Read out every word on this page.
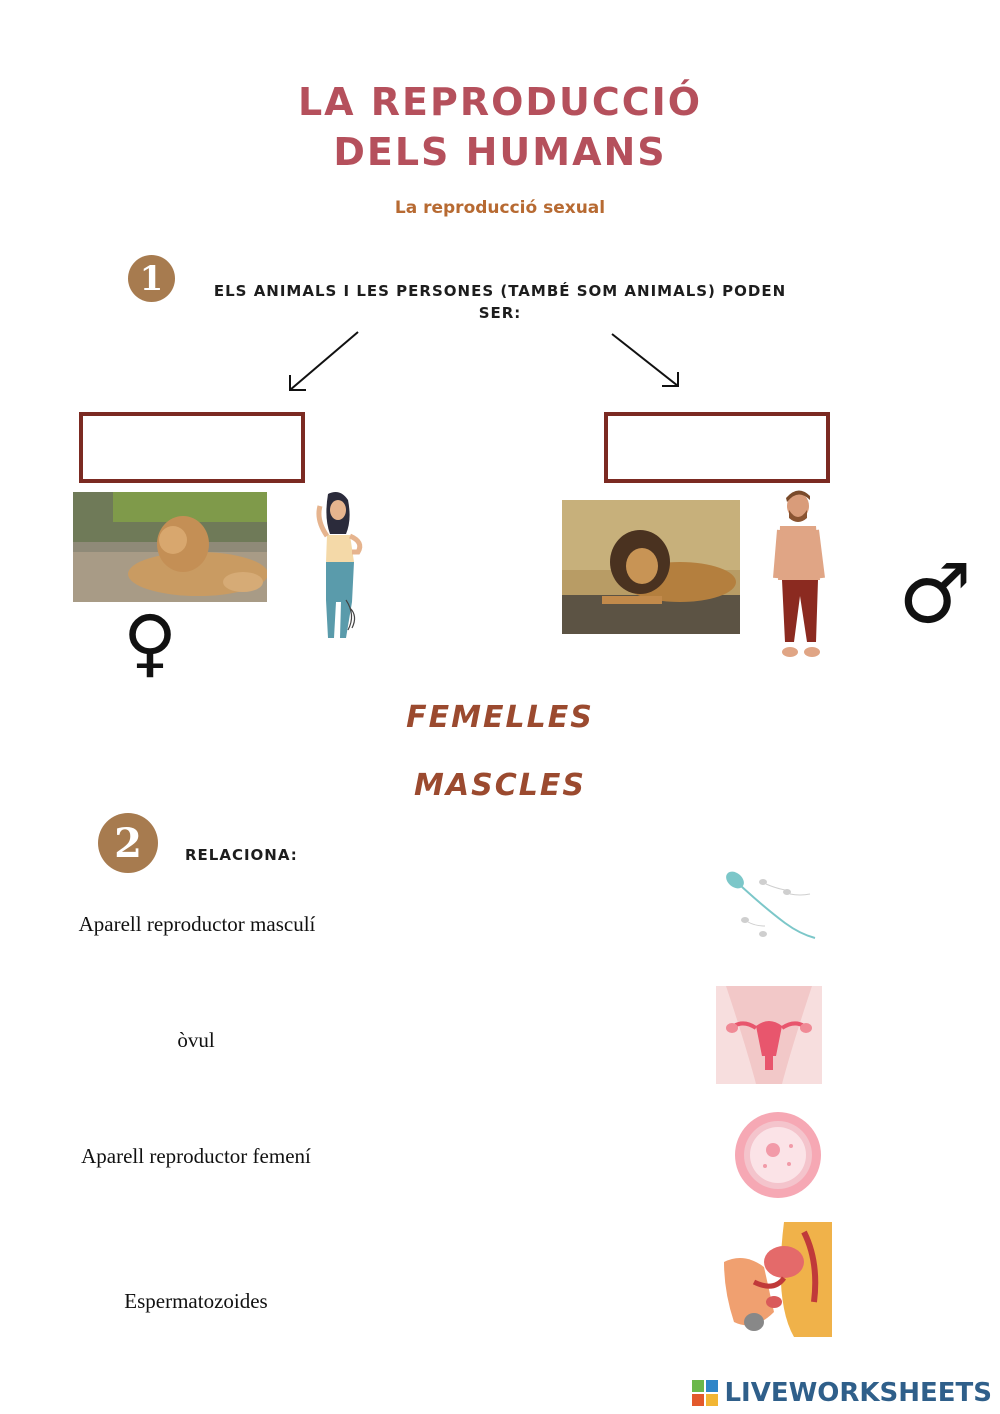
LA REPRODUCCIÓ
DELS HUMANS
La reproducció sexual
1	ELS ANIMALS I LES PERSONES (TAMBÉ SOM ANIMALS) PODEN SER:
♀
♂
FEMELLES
MASCLES
2	RELACIONA:
Aparell reproductor masculí
òvul
Aparell reproductor femení
Espermatozoides
LIVEWORKSHEETS
